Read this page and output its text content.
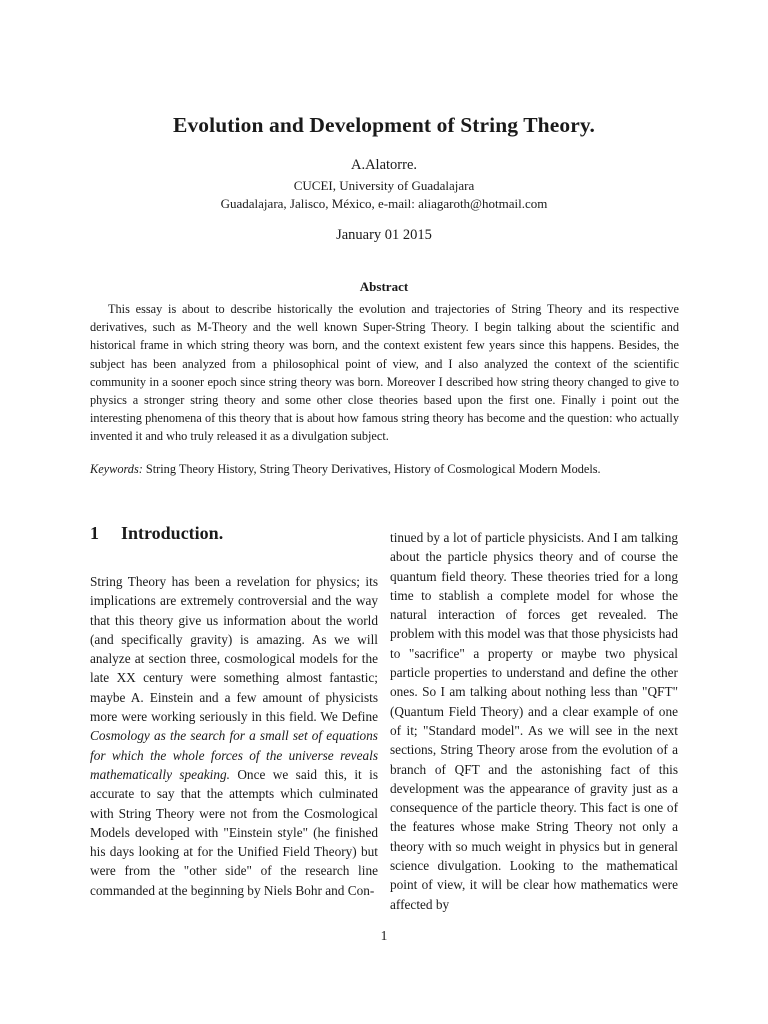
Evolution and Development of String Theory.
A.Alatorre.
CUCEI, University of Guadalajara
Guadalajara, Jalisco, México, e-mail: aliagaroth@hotmail.com
January 01 2015
Abstract

This essay is about to describe historically the evolution and trajectories of String Theory and its respective derivatives, such as M-Theory and the well known Super-String Theory. I begin talking about the scientific and historical frame in which string theory was born, and the context existent few years since this happens. Besides, the subject has been analyzed from a philosophical point of view, and I also analyzed the context of the scientific community in a sooner epoch since string theory was born. Moreover I described how string theory changed to give to physics a stronger string theory and some other close theories based upon the first one. Finally i point out the interesting phenomena of this theory that is about how famous string theory has become and the question: who actually invented it and who truly released it as a divulgation subject.

Keywords: String Theory History, String Theory Derivatives, History of Cosmological Modern Models.

1 Introduction.

String Theory has been a revelation for physics; its implications are extremely controversial and the way that this theory give us information about the world (and specifically gravity) is amazing. As we will analyze at section three, cosmological models for the late XX century were something almost fantastic; maybe A. Einstein and a few amount of physicists more were working seriously in this field. We Define Cosmology as the search for a small set of equations for which the whole forces of the universe reveals mathematically speaking. Once we said this, it is accurate to say that the attempts which culminated with String Theory were not from the Cosmological Models developed with "Einstein style" (he finished his days looking at for the Unified Field Theory) but were from the "other side" of the research line commanded at the beginning by Niels Bohr and Con-

tinued by a lot of particle physicists. And I am talking about the particle physics theory and of course the quantum field theory. These theories tried for a long time to stablish a complete model for whose the natural interaction of forces get revealed. The problem with this model was that those physicists had to "sacrifice" a property or maybe two physical particle properties to understand and define the other ones. So I am talking about nothing less than "QFT" (Quantum Field Theory) and a clear example of one of it; "Standard model". As we will see in the next sections, String Theory arose from the evolution of a branch of QFT and the astonishing fact of this development was the appearance of gravity just as a consequence of the particle theory. This fact is one of the features whose make String Theory not only a theory with so much weight in physics but in general science divulgation. Looking to the mathematical point of view, it will be clear how mathematics were affected by

1
